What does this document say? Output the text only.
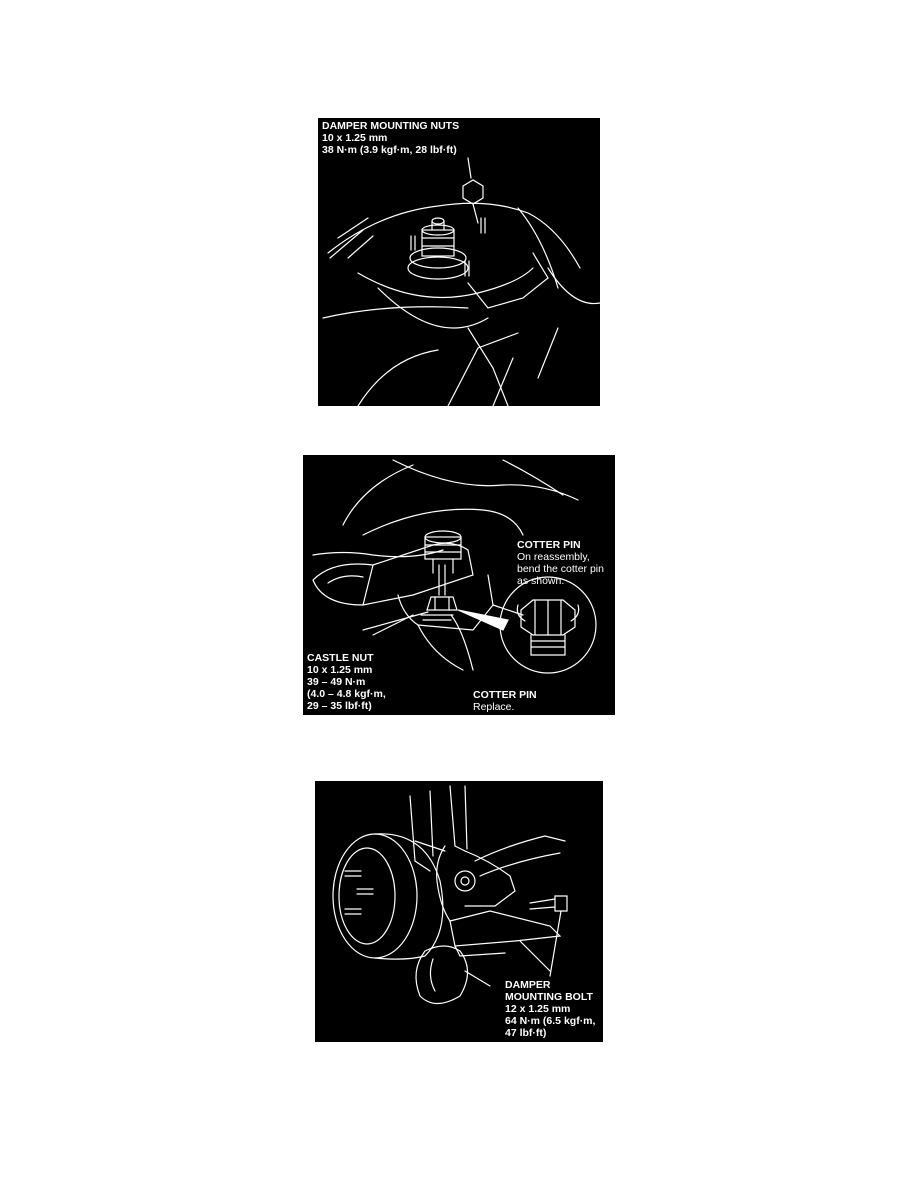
DAMPER MOUNTING NUTS
10 x 1.25 mm
38 N·m (3.9 kgf·m, 28 lbf·ft)
COTTER PIN
On reassembly,
bend the cotter pin
as shown.
CASTLE NUT
10 x 1.25 mm
39 – 49 N·m
(4.0 – 4.8 kgf·m,
29 – 35 lbf·ft)
COTTER PIN
Replace.
DAMPER
MOUNTING BOLT
12 x 1.25 mm
64 N·m (6.5 kgf·m,
47 lbf·ft)
